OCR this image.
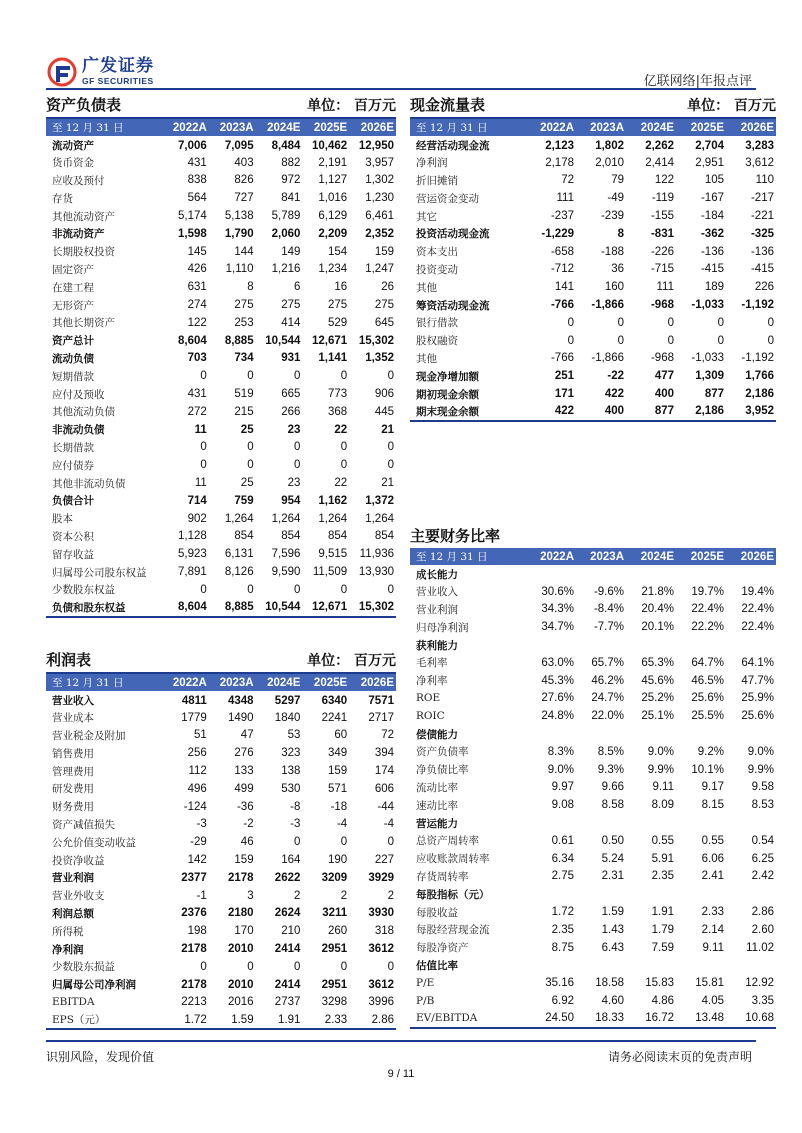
广发证券
GF SECURITIES	亿联网络|年报点评
资产负债表	单位： 百万元
至 12 月 31 日	2022A	2023A	2024E	2025E	2026E
流动资产	7,006	7,095	8,484	10,462	12,950
货币资金	431	403	882	2,191	3,957
应收及预付	838	826	972	1,127	1,302
存货	564	727	841	1,016	1,230
其他流动资产	5,174	5,138	5,789	6,129	6,461
非流动资产	1,598	1,790	2,060	2,209	2,352
长期股权投资	145	144	149	154	159
固定资产	426	1,110	1,216	1,234	1,247
在建工程	631	8	6	16	26
无形资产	274	275	275	275	275
其他长期资产	122	253	414	529	645
资产总计	8,604	8,885	10,544	12,671	15,302
流动负债	703	734	931	1,141	1,352
短期借款	0	0	0	0	0
应付及预收	431	519	665	773	906
其他流动负债	272	215	266	368	445
非流动负债	11	25	23	22	21
长期借款	0	0	0	0	0
应付债券	0	0	0	0	0
其他非流动负债	11	25	23	22	21
负债合计	714	759	954	1,162	1,372
股本	902	1,264	1,264	1,264	1,264
资本公积	1,128	854	854	854	854
留存收益	5,923	6,131	7,596	9,515	11,936
归属母公司股东权益	7,891	8,126	9,590	11,509	13,930
少数股东权益	0	0	0	0	0
负债和股东权益	8,604	8,885	10,544	12,671	15,302
现金流量表	单位： 百万元
至 12 月 31 日	2022A	2023A	2024E	2025E	2026E
经营活动现金流	2,123	1,802	2,262	2,704	3,283
净利润	2,178	2,010	2,414	2,951	3,612
折旧摊销	72	79	122	105	110
营运资金变动	111	-49	-119	-167	-217
其它	-237	-239	-155	-184	-221
投资活动现金流	-1,229	8	-831	-362	-325
资本支出	-658	-188	-226	-136	-136
投资变动	-712	36	-715	-415	-415
其他	141	160	111	189	226
筹资活动现金流	-766	-1,866	-968	-1,033	-1,192
银行借款	0	0	0	0	0
股权融资	0	0	0	0	0
其他	-766	-1,866	-968	-1,033	-1,192
现金净增加额	251	-22	477	1,309	1,766
期初现金余额	171	422	400	877	2,186
期末现金余额	422	400	877	2,186	3,952
利润表	单位： 百万元
至 12 月 31 日	2022A	2023A	2024E	2025E	2026E
营业收入	4811	4348	5297	6340	7571
营业成本	1779	1490	1840	2241	2717
营业税金及附加	51	47	53	60	72
销售费用	256	276	323	349	394
管理费用	112	133	138	159	174
研发费用	496	499	530	571	606
财务费用	-124	-36	-8	-18	-44
资产减值损失	-3	-2	-3	-4	-4
公允价值变动收益	-29	46	0	0	0
投资净收益	142	159	164	190	227
营业利润	2377	2178	2622	3209	3929
营业外收支	-1	3	2	2	2
利润总额	2376	2180	2624	3211	3930
所得税	198	170	210	260	318
净利润	2178	2010	2414	2951	3612
少数股东损益	0	0	0	0	0
归属母公司净利润	2178	2010	2414	2951	3612
EBITDA	2213	2016	2737	3298	3996
EPS（元）	1.72	1.59	1.91	2.33	2.86
主要财务比率
至 12 月 31 日	2022A	2023A	2024E	2025E	2026E
成长能力					
营业收入	30.6%	-9.6%	21.8%	19.7%	19.4%
营业利润	34.3%	-8.4%	20.4%	22.4%	22.4%
归母净利润	34.7%	-7.7%	20.1%	22.2%	22.4%
获利能力					
毛利率	63.0%	65.7%	65.3%	64.7%	64.1%
净利率	45.3%	46.2%	45.6%	46.5%	47.7%
ROE	27.6%	24.7%	25.2%	25.6%	25.9%
ROIC	24.8%	22.0%	25.1%	25.5%	25.6%
偿债能力					
资产负债率	8.3%	8.5%	9.0%	9.2%	9.0%
净负债比率	9.0%	9.3%	9.9%	10.1%	9.9%
流动比率	9.97	9.66	9.11	9.17	9.58
速动比率	9.08	8.58	8.09	8.15	8.53
营运能力					
总资产周转率	0.61	0.50	0.55	0.55	0.54
应收账款周转率	6.34	5.24	5.91	6.06	6.25
存货周转率	2.75	2.31	2.35	2.41	2.42
每股指标（元）					
每股收益	1.72	1.59	1.91	2.33	2.86
每股经营现金流	2.35	1.43	1.79	2.14	2.60
每股净资产	8.75	6.43	7.59	9.11	11.02
估值比率					
P/E	35.16	18.58	15.83	15.81	12.92
P/B	6.92	4.60	4.86	4.05	3.35
EV/EBITDA	24.50	18.33	16.72	13.48	10.68
识别风险，发现价值	请务必阅读末页的免责声明
9 / 11
